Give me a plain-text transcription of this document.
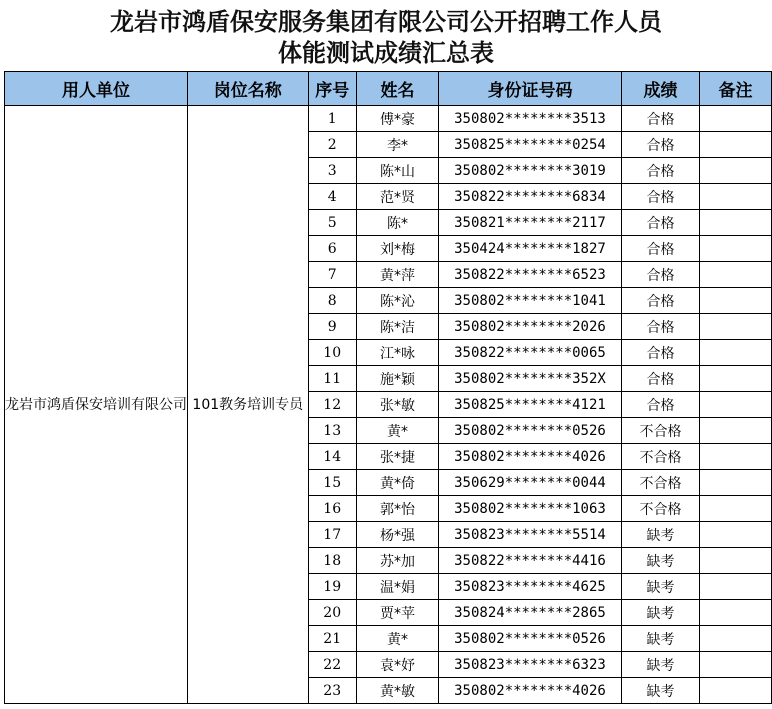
龙岩市鸿盾保安服务集团有限公司公开招聘工作人员
体能测试成绩汇总表
用人单位	岗位名称	序号	姓名	身份证号码	成绩	备注
龙岩市鸿盾保安培训有限公司	101教务培训专员	1	傅*豪	350802********3513	合格	
		2	李*	350825********0254	合格	
		3	陈*山	350802********3019	合格	
		4	范*贤	350822********6834	合格	
		5	陈*	350821********2117	合格	
		6	刘*梅	350424********1827	合格	
		7	黄*萍	350822********6523	合格	
		8	陈*沁	350802********1041	合格	
		9	陈*洁	350802********2026	合格	
		10	江*咏	350822********0065	合格	
		11	施*颖	350802********352X	合格	
		12	张*敏	350825********4121	合格	
		13	黄*	350802********0526	不合格	
		14	张*捷	350802********4026	不合格	
		15	黄*倚	350629********0044	不合格	
		16	郭*怡	350802********1063	不合格	
		17	杨*强	350823********5514	缺考	
		18	苏*加	350822********4416	缺考	
		19	温*娟	350823********4625	缺考	
		20	贾*苹	350824********2865	缺考	
		21	黄*	350802********0526	缺考	
		22	袁*妤	350823********6323	缺考	
		23	黄*敏	350802********4026	缺考	
